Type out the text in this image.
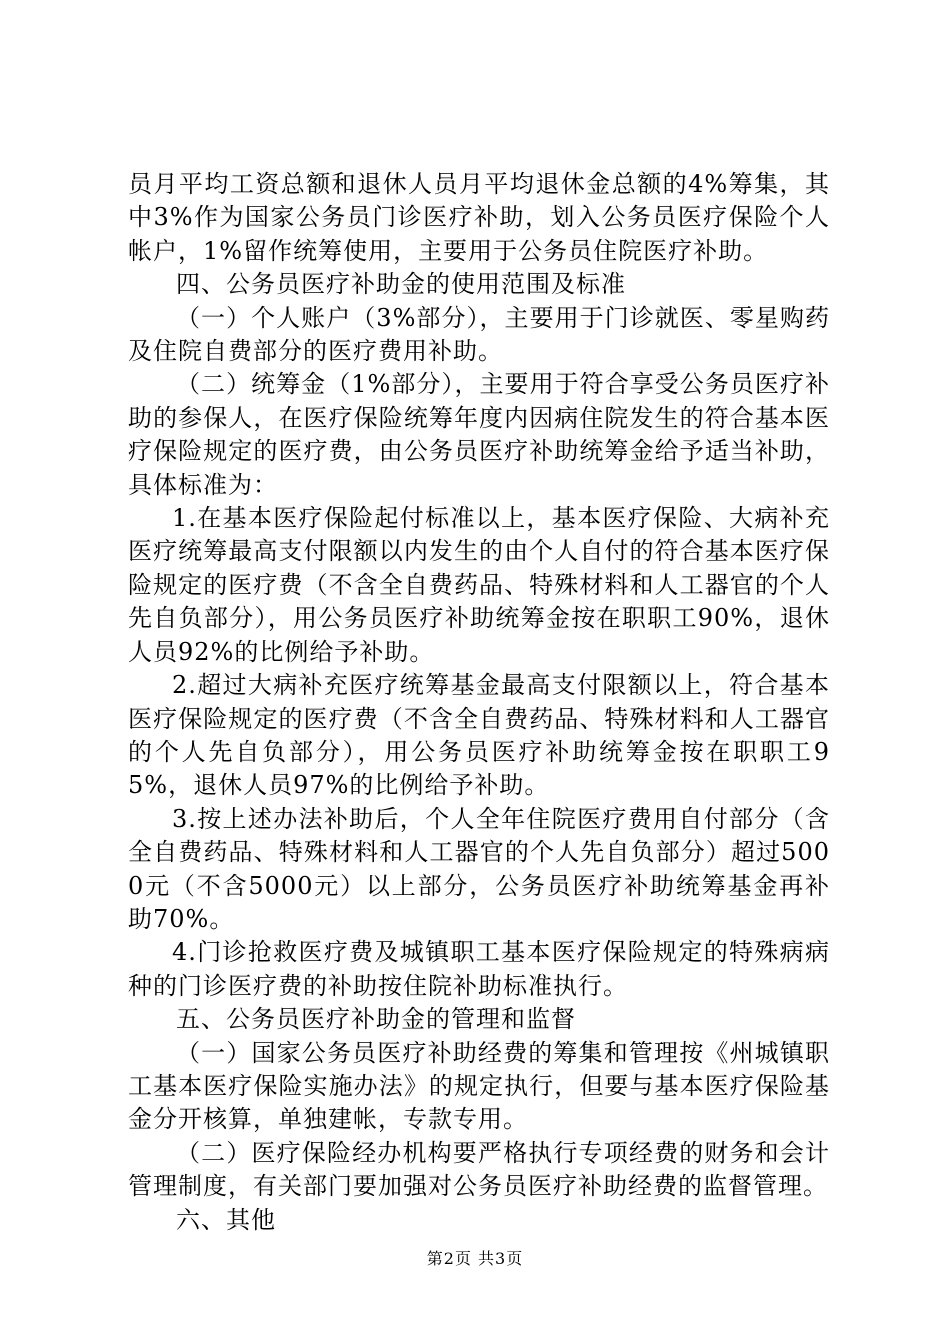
员月平均工资总额和退休人员月平均退休金总额的4%筹集，其中3%作为国家公务员门诊医疗补助，划入公务员医疗保险个人帐户，1%留作统筹使用，主要用于公务员住院医疗补助。

四、公务员医疗补助金的使用范围及标准

（一）个人账户（3%部分），主要用于门诊就医、零星购药及住院自费部分的医疗费用补助。

（二）统筹金（1%部分），主要用于符合享受公务员医疗补助的参保人，在医疗保险统筹年度内因病住院发生的符合基本医疗保险规定的医疗费，由公务员医疗补助统筹金给予适当补助，具体标准为：

1.在基本医疗保险起付标准以上，基本医疗保险、大病补充医疗统筹最高支付限额以内发生的由个人自付的符合基本医疗保险规定的医疗费（不含全自费药品、特殊材料和人工器官的个人先自负部分），用公务员医疗补助统筹金按在职职工90%，退休人员92%的比例给予补助。

2.超过大病补充医疗统筹基金最高支付限额以上，符合基本医疗保险规定的医疗费（不含全自费药品、特殊材料和人工器官的个人先自负部分），用公务员医疗补助统筹金按在职职工95%，退休人员97%的比例给予补助。

3.按上述办法补助后，个人全年住院医疗费用自付部分（含全自费药品、特殊材料和人工器官的个人先自负部分）超过5000元（不含5000元）以上部分，公务员医疗补助统筹基金再补助70%。

4.门诊抢救医疗费及城镇职工基本医疗保险规定的特殊病病种的门诊医疗费的补助按住院补助标准执行。

五、公务员医疗补助金的管理和监督

（一）国家公务员医疗补助经费的筹集和管理按《州城镇职工基本医疗保险实施办法》的规定执行，但要与基本医疗保险基金分开核算，单独建帐，专款专用。

（二）医疗保险经办机构要严格执行专项经费的财务和会计管理制度，有关部门要加强对公务员医疗补助经费的监督管理。

六、其他

第2页 共3页
